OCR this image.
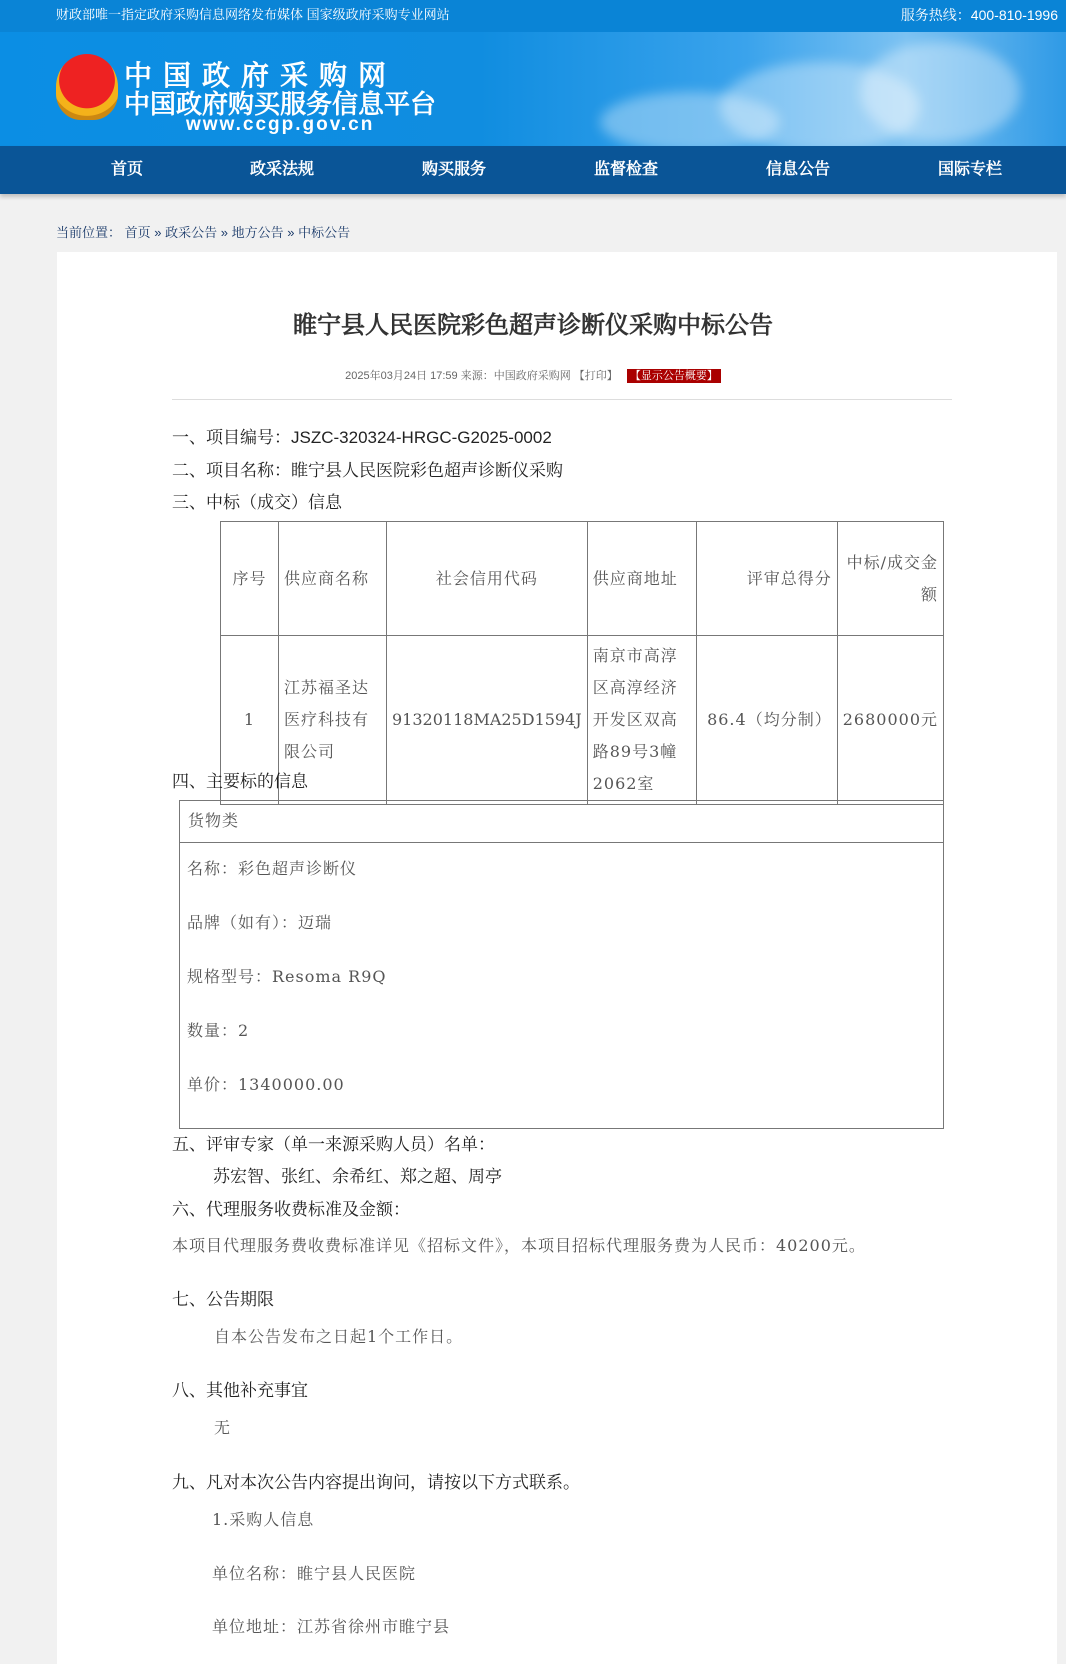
财政部唯一指定政府采购信息网络发布媒体 国家级政府采购专业网站	服务热线：400-810-1996
中国政府采购网
中国政府购买服务信息平台
www.ccgp.gov.cn
首页	政采法规	购买服务	监督检查	信息公告	国际专栏
当前位置： 首页 » 政采公告 » 地方公告 » 中标公告
睢宁县人民医院彩色超声诊断仪采购中标公告
2025年03月24日 17:59 来源：中国政府采购网 【打印】 【显示公告概要】
一、项目编号：JSZC-320324-HRGC-G2025-0002
二、项目名称：睢宁县人民医院彩色超声诊断仪采购
三、中标（成交）信息
序号	供应商名称	社会信用代码	供应商地址	评审总得分	中标/成交金额
1	江苏福圣达医疗科技有限公司	91320118MA25D1594J	南京市高淳区高淳经济开发区双高路89号3幢2062室	86.4（均分制）	2680000元
四、主要标的信息
货物类
名称：彩色超声诊断仪
品牌（如有）：迈瑞
规格型号：Resoma R9Q
数量：2
单价：1340000.00
五、评审专家（单一来源采购人员）名单：
苏宏智、张红、余希红、郑之超、周亭
六、代理服务收费标准及金额：
本项目代理服务费收费标准详见《招标文件》，本项目招标代理服务费为人民币：40200元。
七、公告期限
自本公告发布之日起1个工作日。
八、其他补充事宜
无
九、凡对本次公告内容提出询问，请按以下方式联系。
1.采购人信息
单位名称：睢宁县人民医院
单位地址：江苏省徐州市睢宁县
